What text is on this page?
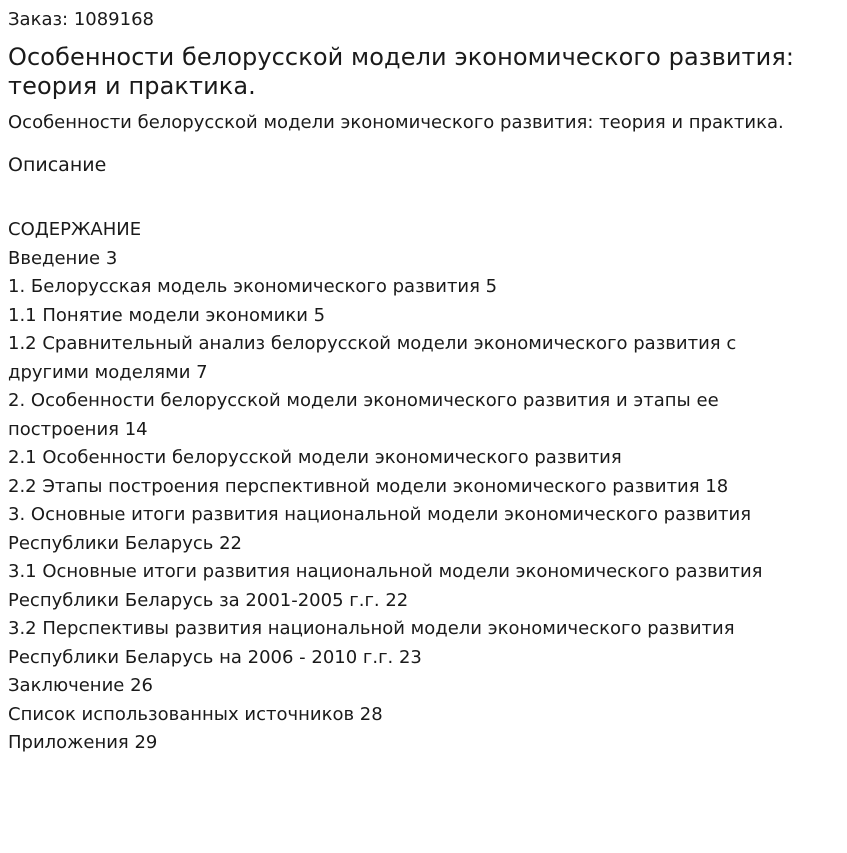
Заказ: 1089168

Особенности белорусской модели экономического развития: теория и практика.

Особенности белорусской модели экономического развития: теория и практика.

Описание

СОДЕРЖАНИЕ

Введение 3

1. Белорусская модель экономического развития 5

1.1 Понятие модели экономики 5

1.2 Сравнительный анализ белорусской модели экономического развития с другими моделями 7

2. Особенности белорусской модели экономического развития и этапы ее построения 14

2.1 Особенности белорусской модели экономического развития

2.2 Этапы построения перспективной модели экономического развития 18

3. Основные итоги развития национальной модели экономического развития Республики Беларусь 22

3.1 Основные итоги развития национальной модели экономического развития Республики Беларусь за 2001-2005 г.г. 22

3.2 Перспективы развития национальной модели экономического развития Республики Беларусь на 2006 - 2010 г.г. 23

Заключение 26

Список использованных источников 28

Приложения 29
